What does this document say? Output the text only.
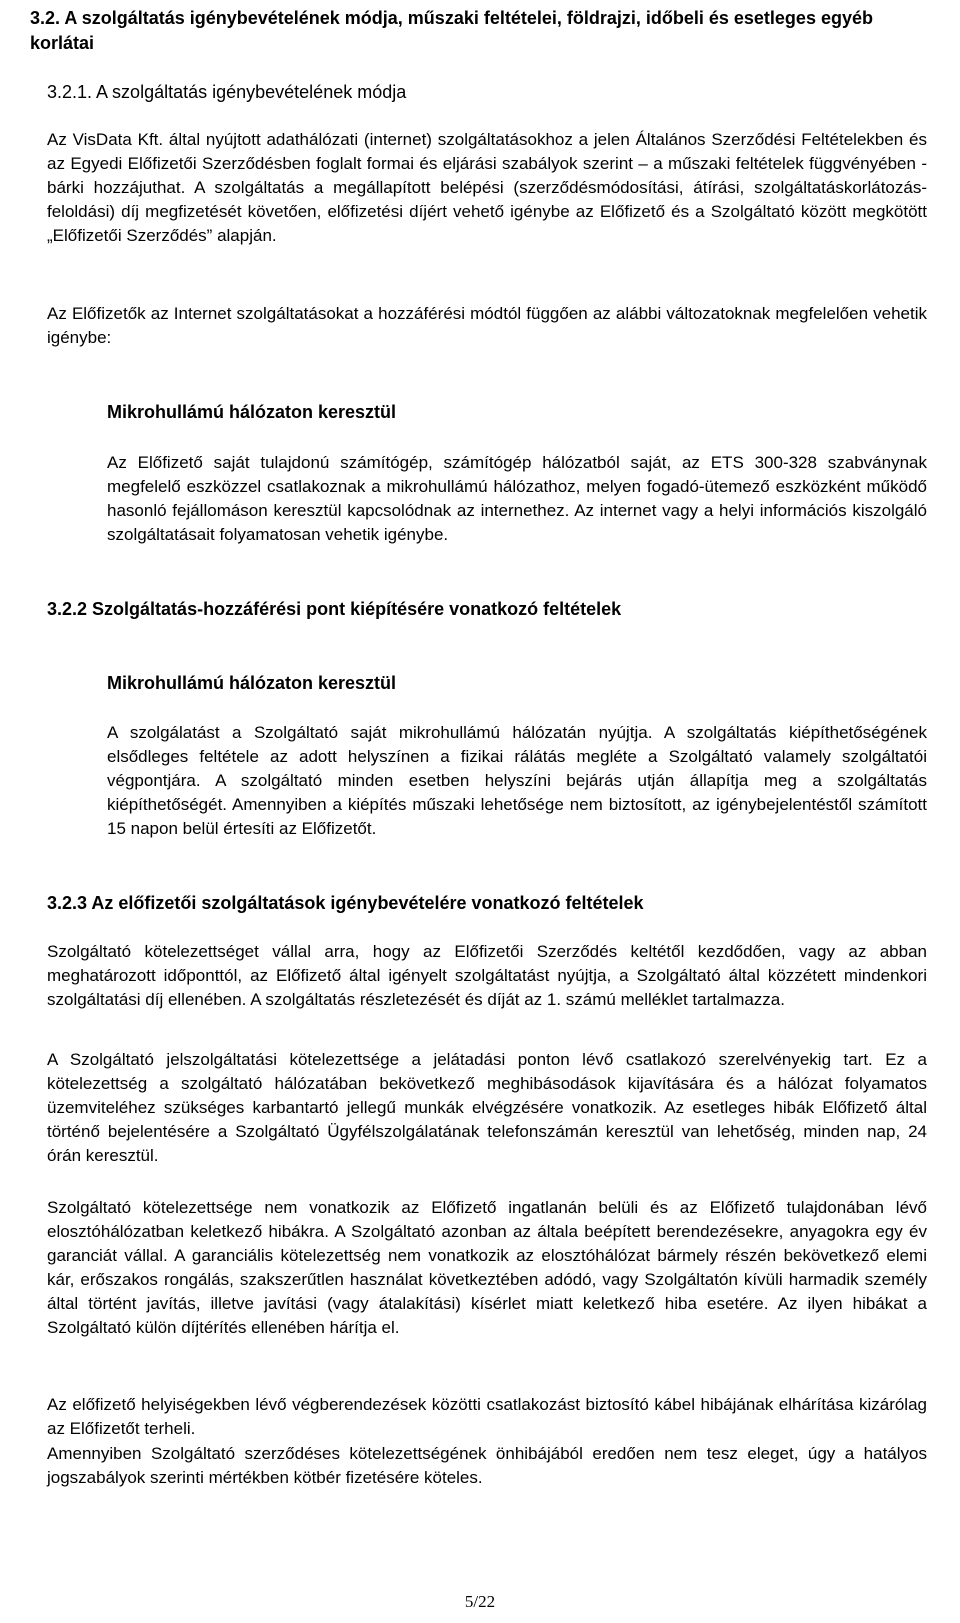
3.2. A szolgáltatás igénybevételének módja, műszaki feltételei, földrajzi, időbeli és esetleges egyéb korlátai
3.2.1. A szolgáltatás igénybevételének módja

Az VisData Kft. által nyújtott adathálózati (internet) szolgáltatásokhoz a jelen Általános Szerződési Feltételekben és az Egyedi Előfizetői Szerződésben foglalt formai és eljárási szabályok szerint – a műszaki feltételek függvényében - bárki hozzájuthat. A szolgáltatás a megállapított belépési (szerződésmódosítási, átírási, szolgáltatáskorlátozás-feloldási) díj megfizetését követően, előfizetési díjért vehető igénybe az Előfizető és a Szolgáltató között megkötött „Előfizetői Szerződés” alapján.

Az Előfizetők az Internet szolgáltatásokat a hozzáférési módtól függően az alábbi változatoknak megfelelően vehetik igénybe:

Mikrohullámú hálózaton keresztül

Az Előfizető saját tulajdonú számítógép, számítógép hálózatból saját, az ETS 300-328 szabványnak megfelelő eszközzel csatlakoznak a mikrohullámú hálózathoz, melyen fogadó-ütemező eszközként működő hasonló fejállomáson keresztül kapcsolódnak az internethez. Az internet vagy a helyi információs kiszolgáló szolgáltatásait folyamatosan vehetik igénybe.

3.2.2 Szolgáltatás-hozzáférési pont kiépítésére vonatkozó feltételek
Mikrohullámú hálózaton keresztül

A szolgálatást a Szolgáltató saját mikrohullámú hálózatán nyújtja. A szolgáltatás kiépíthetőségének elsődleges feltétele az adott helyszínen a fizikai rálátás megléte a Szolgáltató valamely szolgáltatói végpontjára. A szolgáltató minden esetben helyszíni bejárás utján állapítja meg a szolgáltatás kiépíthetőségét. Amennyiben a kiépítés műszaki lehetősége nem biztosított, az igénybejelentéstől számított 15 napon belül értesíti az Előfizetőt.

3.2.3 Az előfizetői szolgáltatások igénybevételére vonatkozó feltételek

Szolgáltató kötelezettséget vállal arra, hogy az Előfizetői Szerződés keltétől kezdődően, vagy az abban meghatározott időponttól, az Előfizető által igényelt szolgáltatást nyújtja, a Szolgáltató által közzétett mindenkori szolgáltatási díj ellenében. A szolgáltatás részletezését és díját az 1. számú melléklet tartalmazza.

A Szolgáltató jelszolgáltatási kötelezettsége a jelátadási ponton lévő csatlakozó szerelvényekig tart. Ez a kötelezettség a szolgáltató hálózatában bekövetkező meghibásodások kijavítására és a hálózat folyamatos üzemviteléhez szükséges karbantartó jellegű munkák elvégzésére vonatkozik. Az esetleges hibák Előfizető által történő bejelentésére a Szolgáltató Ügyfélszolgálatának telefonszámán keresztül van lehetőség, minden nap, 24 órán keresztül.

Szolgáltató kötelezettsége nem vonatkozik az Előfizető ingatlanán belüli és az Előfizető tulajdonában lévő elosztóhálózatban keletkező hibákra. A Szolgáltató azonban az általa beépített berendezésekre, anyagokra egy év garanciát vállal. A garanciális kötelezettség nem vonatkozik az elosztóhálózat bármely részén bekövetkező elemi kár, erőszakos rongálás, szakszerűtlen használat következtében adódó, vagy Szolgáltatón kívüli harmadik személy által történt javítás, illetve javítási (vagy átalakítási) kísérlet miatt keletkező hiba esetére. Az ilyen hibákat a Szolgáltató külön díjtérítés ellenében hárítja el.

Az előfizető helyiségekben lévő végberendezések közötti csatlakozást biztosító kábel hibájának elhárítása kizárólag az Előfizetőt terheli.

Amennyiben Szolgáltató szerződéses kötelezettségének önhibájából eredően nem tesz eleget, úgy a hatályos jogszabályok szerinti mértékben kötbér fizetésére köteles.

5/22
